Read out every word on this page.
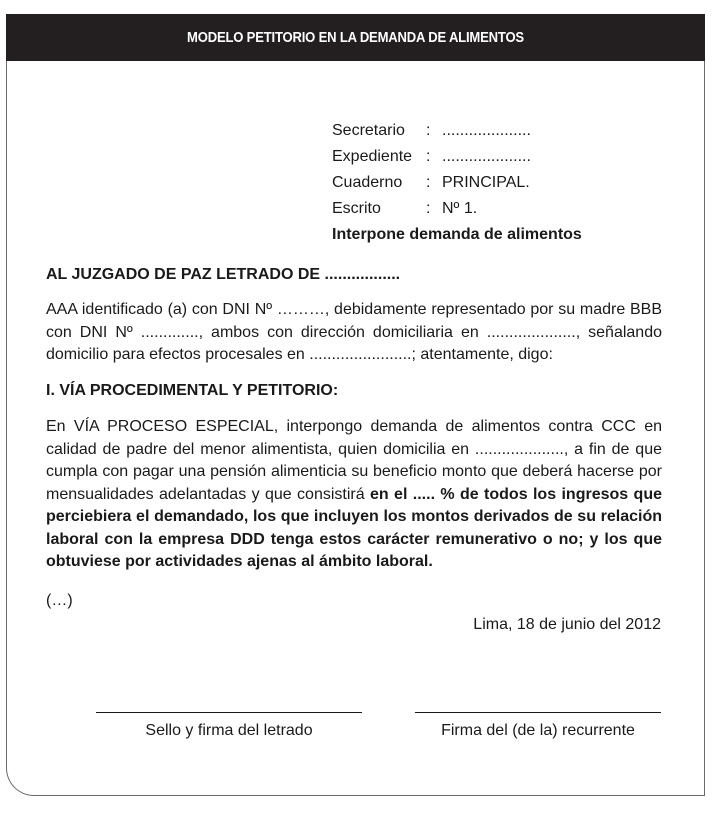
MODELO PETITORIO EN LA DEMANDA DE ALIMENTOS
Secretario	: ....................
Expediente : ....................
Cuaderno	: PRINCIPAL.
Escrito	: Nº 1.
Interpone demanda de alimentos
AL JUZGADO DE PAZ LETRADO DE .................
AAA identificado (a) con DNI Nº ………, debidamente representado por su madre BBB con DNI Nº ............., ambos con dirección domiciliaria en ...................., señalando domicilio para efectos procesales en .......................; atentamente, digo:
I. VÍA PROCEDIMENTAL Y PETITORIO:
En VÍA PROCESO ESPECIAL, interpongo demanda de alimentos contra CCC en calidad de padre del menor alimentista, quien domicilia en ...................., a fin de que cumpla con pagar una pensión alimenticia su beneficio monto que deberá hacerse por mensualidades adelantadas y que consistirá en el ..... % de todos los ingresos que perciebiera el demandado, los que incluyen los montos derivados de su relación laboral con la empresa DDD tenga estos carácter remunerativo o no; y los que obtuviese por actividades ajenas al ámbito laboral.
(…)
Lima, 18 de junio del 2012
Sello y firma del letrado	Firma del (de la) recurrente
